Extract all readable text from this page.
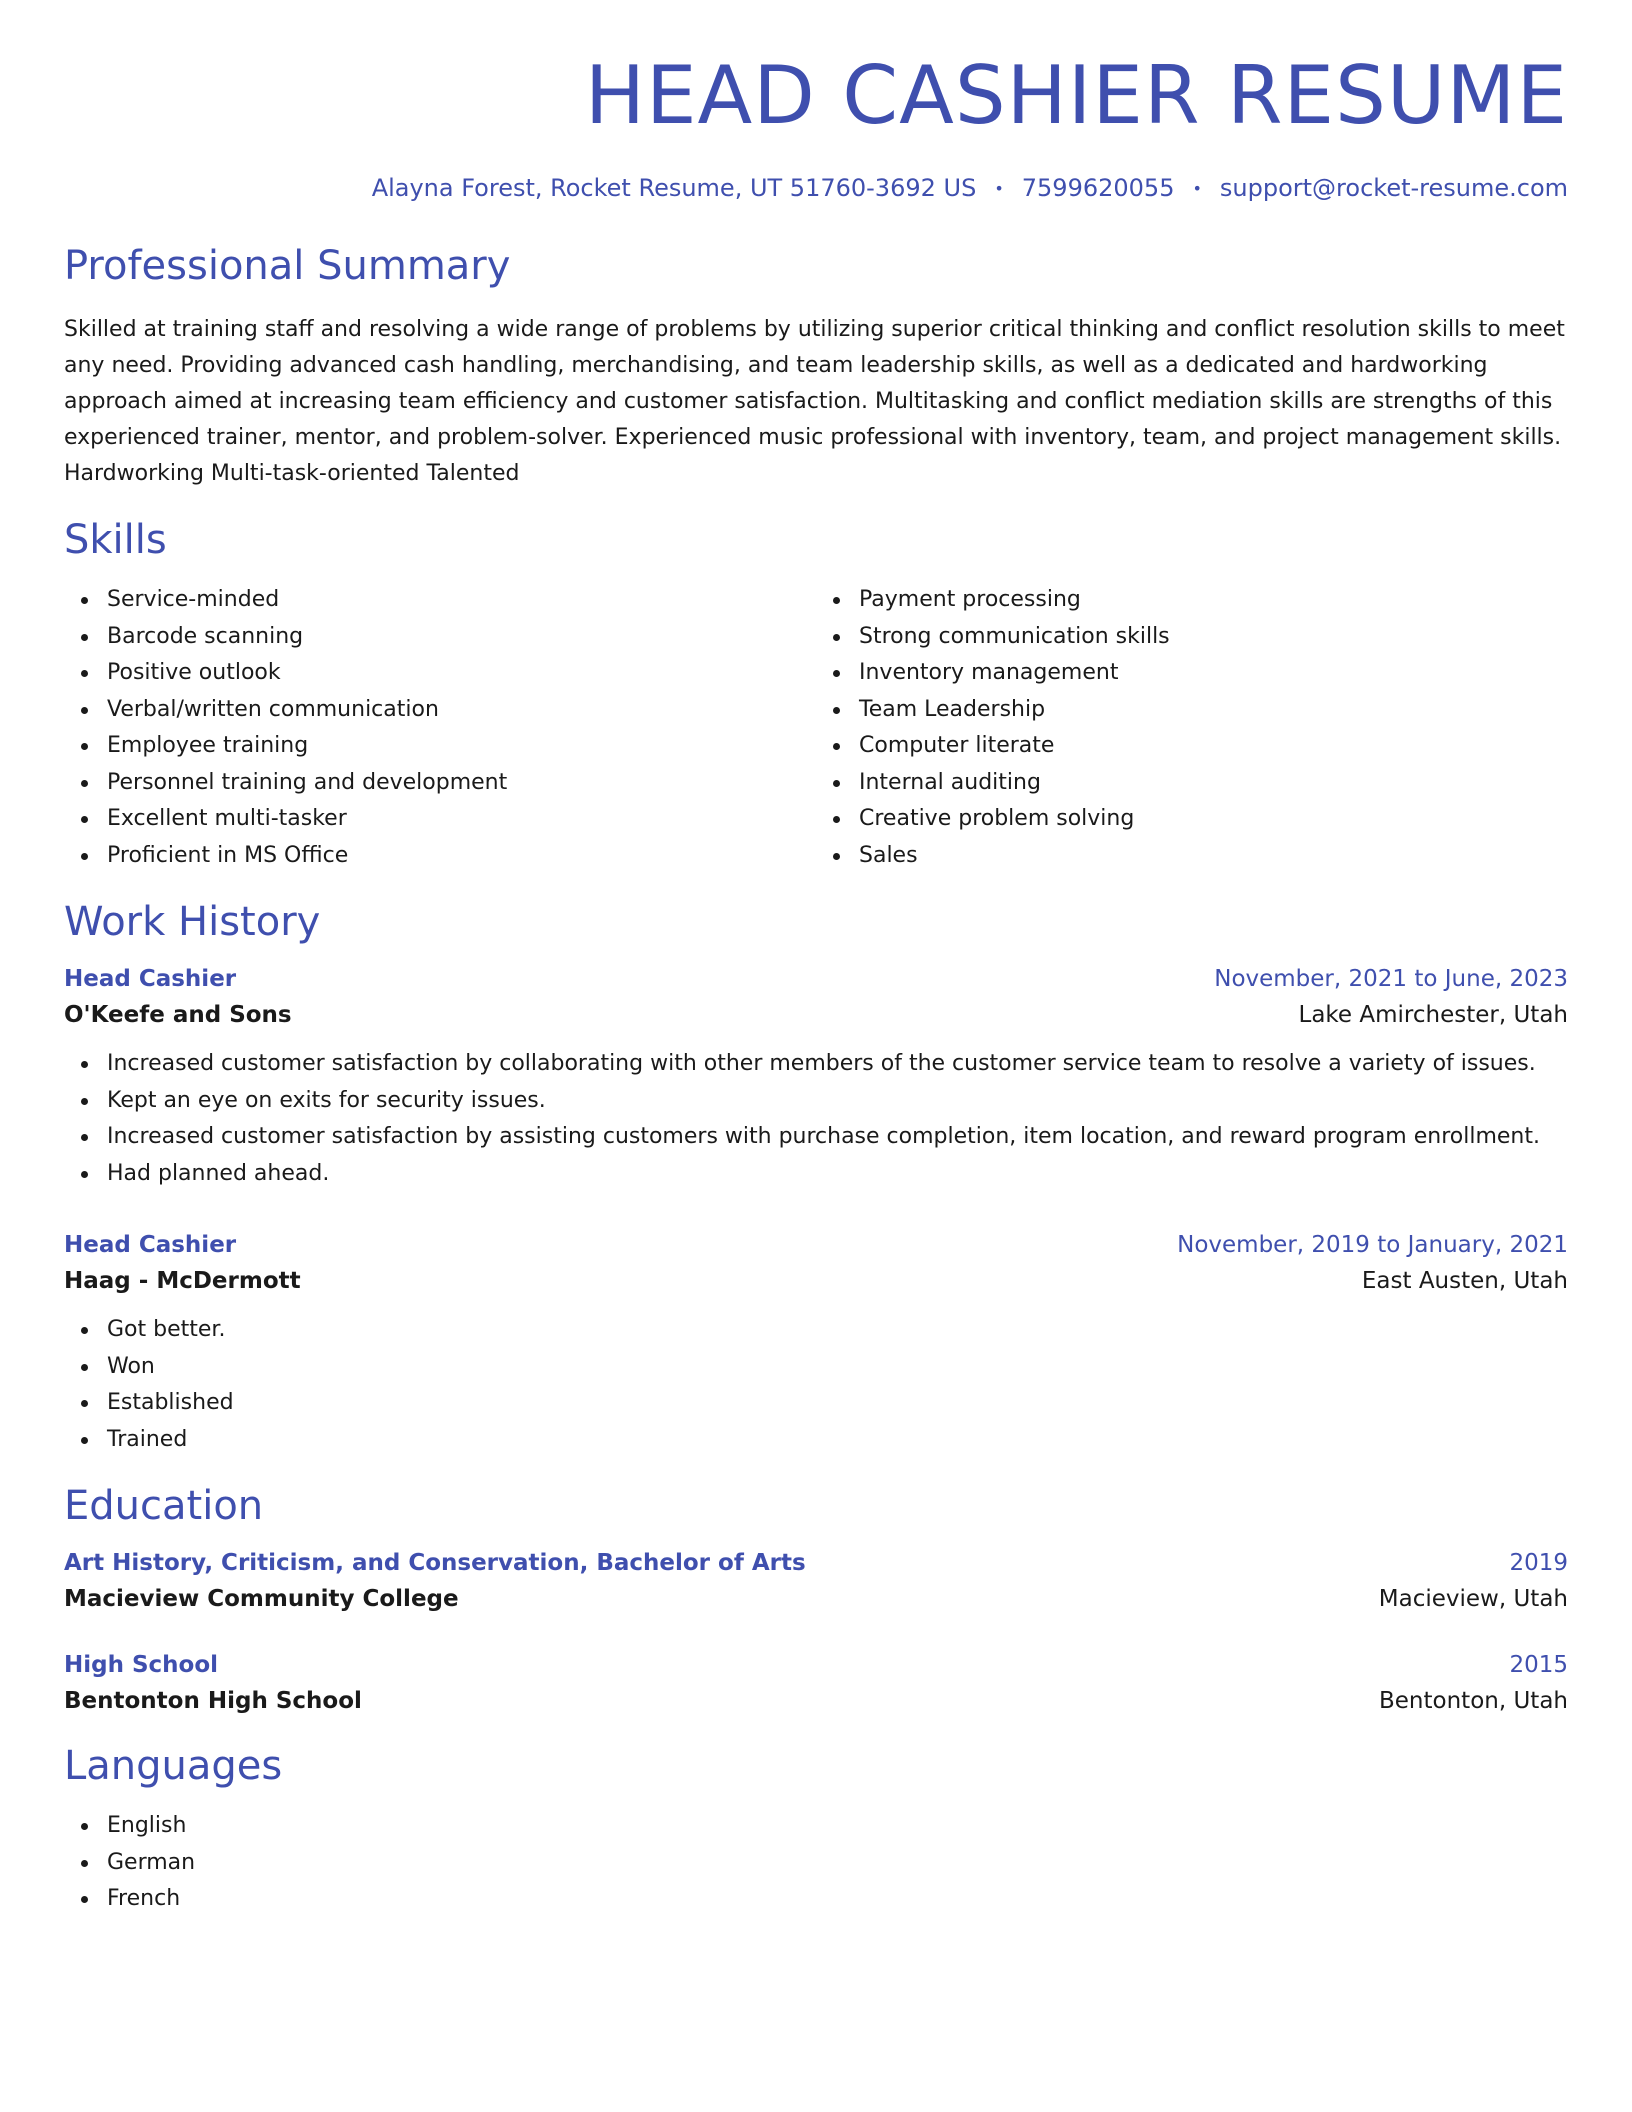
HEAD CASHIER RESUME
Alayna Forest, Rocket Resume, UT 51760-3692 US • 7599620055 • support@rocket-resume.com
Professional Summary

Skilled at training staff and resolving a wide range of problems by utilizing superior critical thinking and conflict resolution skills to meet any need. Providing advanced cash handling, merchandising, and team leadership skills, as well as a dedicated and hardworking approach aimed at increasing team efficiency and customer satisfaction. Multitasking and conflict mediation skills are strengths of this experienced trainer, mentor, and problem-solver. Experienced music professional with inventory, team, and project management skills. Hardworking Multi-task-oriented Talented

Skills
Service-minded
Barcode scanning
Positive outlook
Verbal/written communication
Employee training
Personnel training and development
Excellent multi-tasker
Proficient in MS Office
Payment processing
Strong communication skills
Inventory management
Team Leadership
Computer literate
Internal auditing
Creative problem solving
Sales
Work History
Head Cashier	November, 2021 to June, 2023
O'Keefe and Sons	Lake Amirchester, Utah
Increased customer satisfaction by collaborating with other members of the customer service team to resolve a variety of issues.
Kept an eye on exits for security issues.
Increased customer satisfaction by assisting customers with purchase completion, item location, and reward program enrollment.
Had planned ahead.
Head Cashier	November, 2019 to January, 2021
Haag - McDermott	East Austen, Utah
Got better.
Won
Established
Trained
Education
Art History, Criticism, and Conservation, Bachelor of Arts	2019
Macieview Community College	Macieview, Utah
High School	2015
Bentonton High School	Bentonton, Utah
Languages
English
German
French
